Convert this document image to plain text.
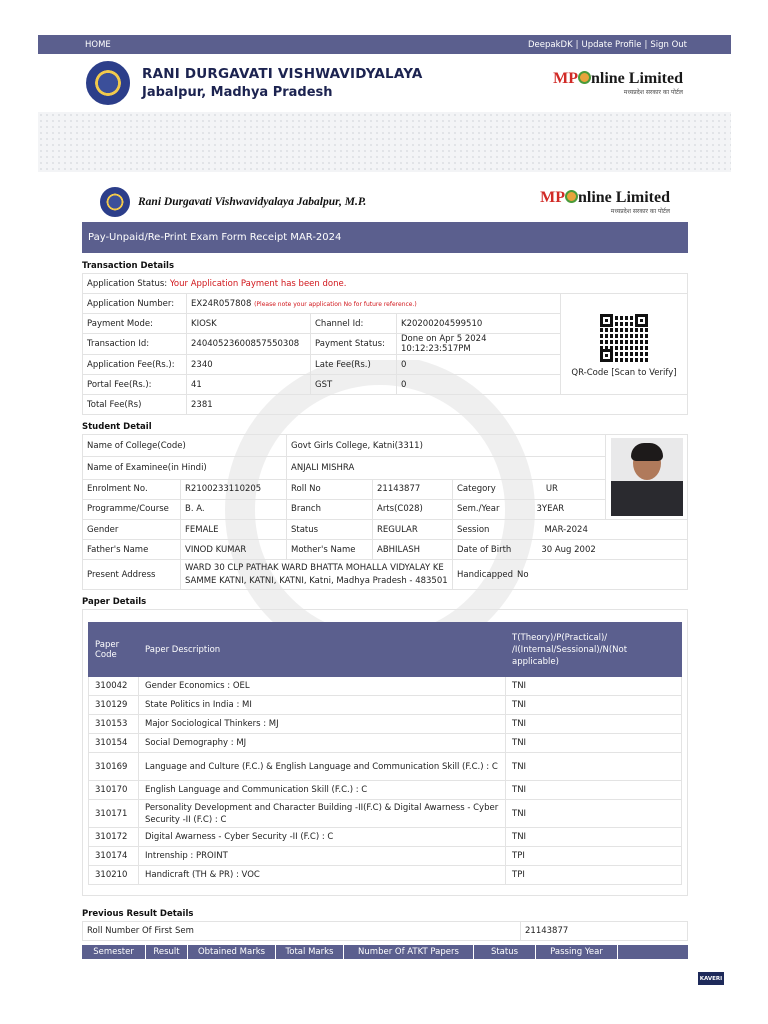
HOME	DeepakDK | Update Profile | Sign Out
RANI DURGAVATI VISHWAVIDYALAYA
Jabalpur, Madhya Pradesh
MP nline Limited
मध्यप्रदेश सरकार का पोर्टल
Rani Durgavati Vishwavidyalaya Jabalpur, M.P.	MP nline Limited
मध्यप्रदेश सरकार का पोर्टल
Pay-Unpaid/Re-Print Exam Form Receipt MAR-2024
Transaction Details
Application Status: Your Application Payment has been done.				
Application Number:	EX24R057808 (Please note your application No for future reference.)			QR-Code [Scan to Verify]

Payment Mode:	KIOSK	Channel Id:	K20200204599510	
Transaction Id:	240405236008575503​08	Payment Status:	Done on Apr 5 2024 10:12:23:517PM	
Application Fee(Rs.):	2340	Late Fee(Rs.)	0	
Portal Fee(Rs.):	41	GST	0	
Total Fee(Rs)	2381			
Student Detail
Name of College(Code)		Govt Girls College, Katni(3311)			

Name of Examinee(in Hindi)		ANJALI MISHRA			
Enrolment No.	R2100233110205	Roll No	21143877	Category UR	
Programme/Course	B. A.	Branch	Arts(C028)	Sem./Year 3YEAR	
Gender	FEMALE	Status	REGULAR	Session MAR-2024	
Father's Name	VINOD KUMAR	Mother's Name	ABHILASH	Date of Birth 30 Aug 2002	
Present Address	WARD 30 CLP PATHAK WARD BHATTA MOHALLA VIDYALAY KE SAMME KATNI, KATNI, KATNI, Katni, Madhya Pradesh - 483501			Handicapped No	
Paper Details
Paper Code	Paper Description	T(Theory)/P(Practical)/ /I(Internal/Sessional)/N(Not applicable)
310042	Gender Economics : OEL	TNI
310129	State Politics in India : MI	TNI
310153	Major Sociological Thinkers : MJ	TNI
310154	Social Demography : MJ	TNI
310169	Language and Culture (F.C.) & English Language and Communication Skill (F.C.) : C	TNI
310170	English Language and Communication Skill (F.C.) : C	TNI
310171	Personality Development and Character Building -II(F.C) & Digital Awarness - Cyber Security -II (F.C) : C	TNI
310172	Digital Awarness - Cyber Security -II (F.C) : C	TNI
310174	Intrenship : PROINT	TPI
310210	Handicraft (TH & PR) : VOC	TPI
Previous Result Details
Roll Number Of First Sem	21143877
Semester	Result	Obtained Marks	Total Marks	Number Of ATKT Papers	Status	Passing Year
KAVERI
